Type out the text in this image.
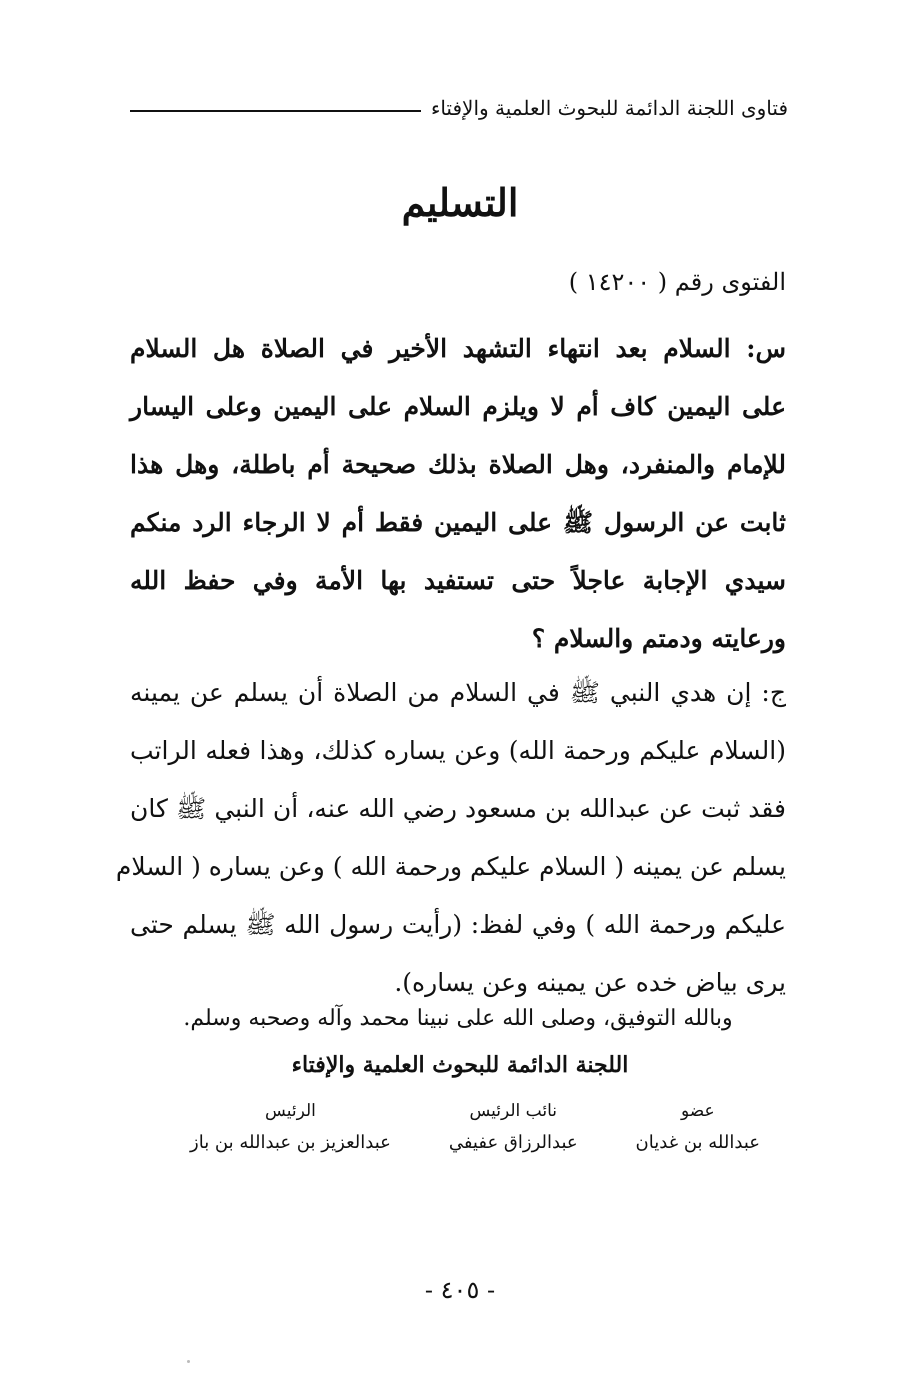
فتاوى اللجنة الدائمة للبحوث العلمية والإفتاء
التسليم
الفتوى رقم ( ١٤٢٠٠ )
س: السلام بعد انتهاء التشهد الأخير في الصلاة هل السلام
على اليمين كاف أم لا ويلزم السلام على اليمين وعلى اليسار
للإمام والمنفرد، وهل الصلاة بذلك صحيحة أم باطلة، وهل هذا
ثابت عن الرسول ﷺ على اليمين فقط أم لا الرجاء الرد منكم
سيدي الإجابة عاجلاً حتى تستفيد بها الأمة وفي حفظ الله
ورعايته ودمتم والسلام ؟
ج: إن هدي النبي ﷺ في السلام من الصلاة أن يسلم عن يمينه
(السلام عليكم ورحمة الله) وعن يساره كذلك، وهذا فعله الراتب
فقد ثبت عن عبدالله بن مسعود رضي الله عنه، أن النبي ﷺ كان
يسلم عن يمينه ( السلام عليكم ورحمة الله ) وعن يساره ( السلام
عليكم ورحمة الله ) وفي لفظ: (رأيت رسول الله ﷺ يسلم حتى
يرى بياض خده عن يمينه وعن يساره).
وبالله التوفيق، وصلى الله على نبينا محمد وآله وصحبه وسلم.
اللجنة الدائمة للبحوث العلمية والإفتاء
عضو
عبدالله بن غديان
نائب الرئيس
عبدالرزاق عفيفي
الرئيس
عبدالعزيز بن عبدالله بن باز
- ٤٠٥ -
